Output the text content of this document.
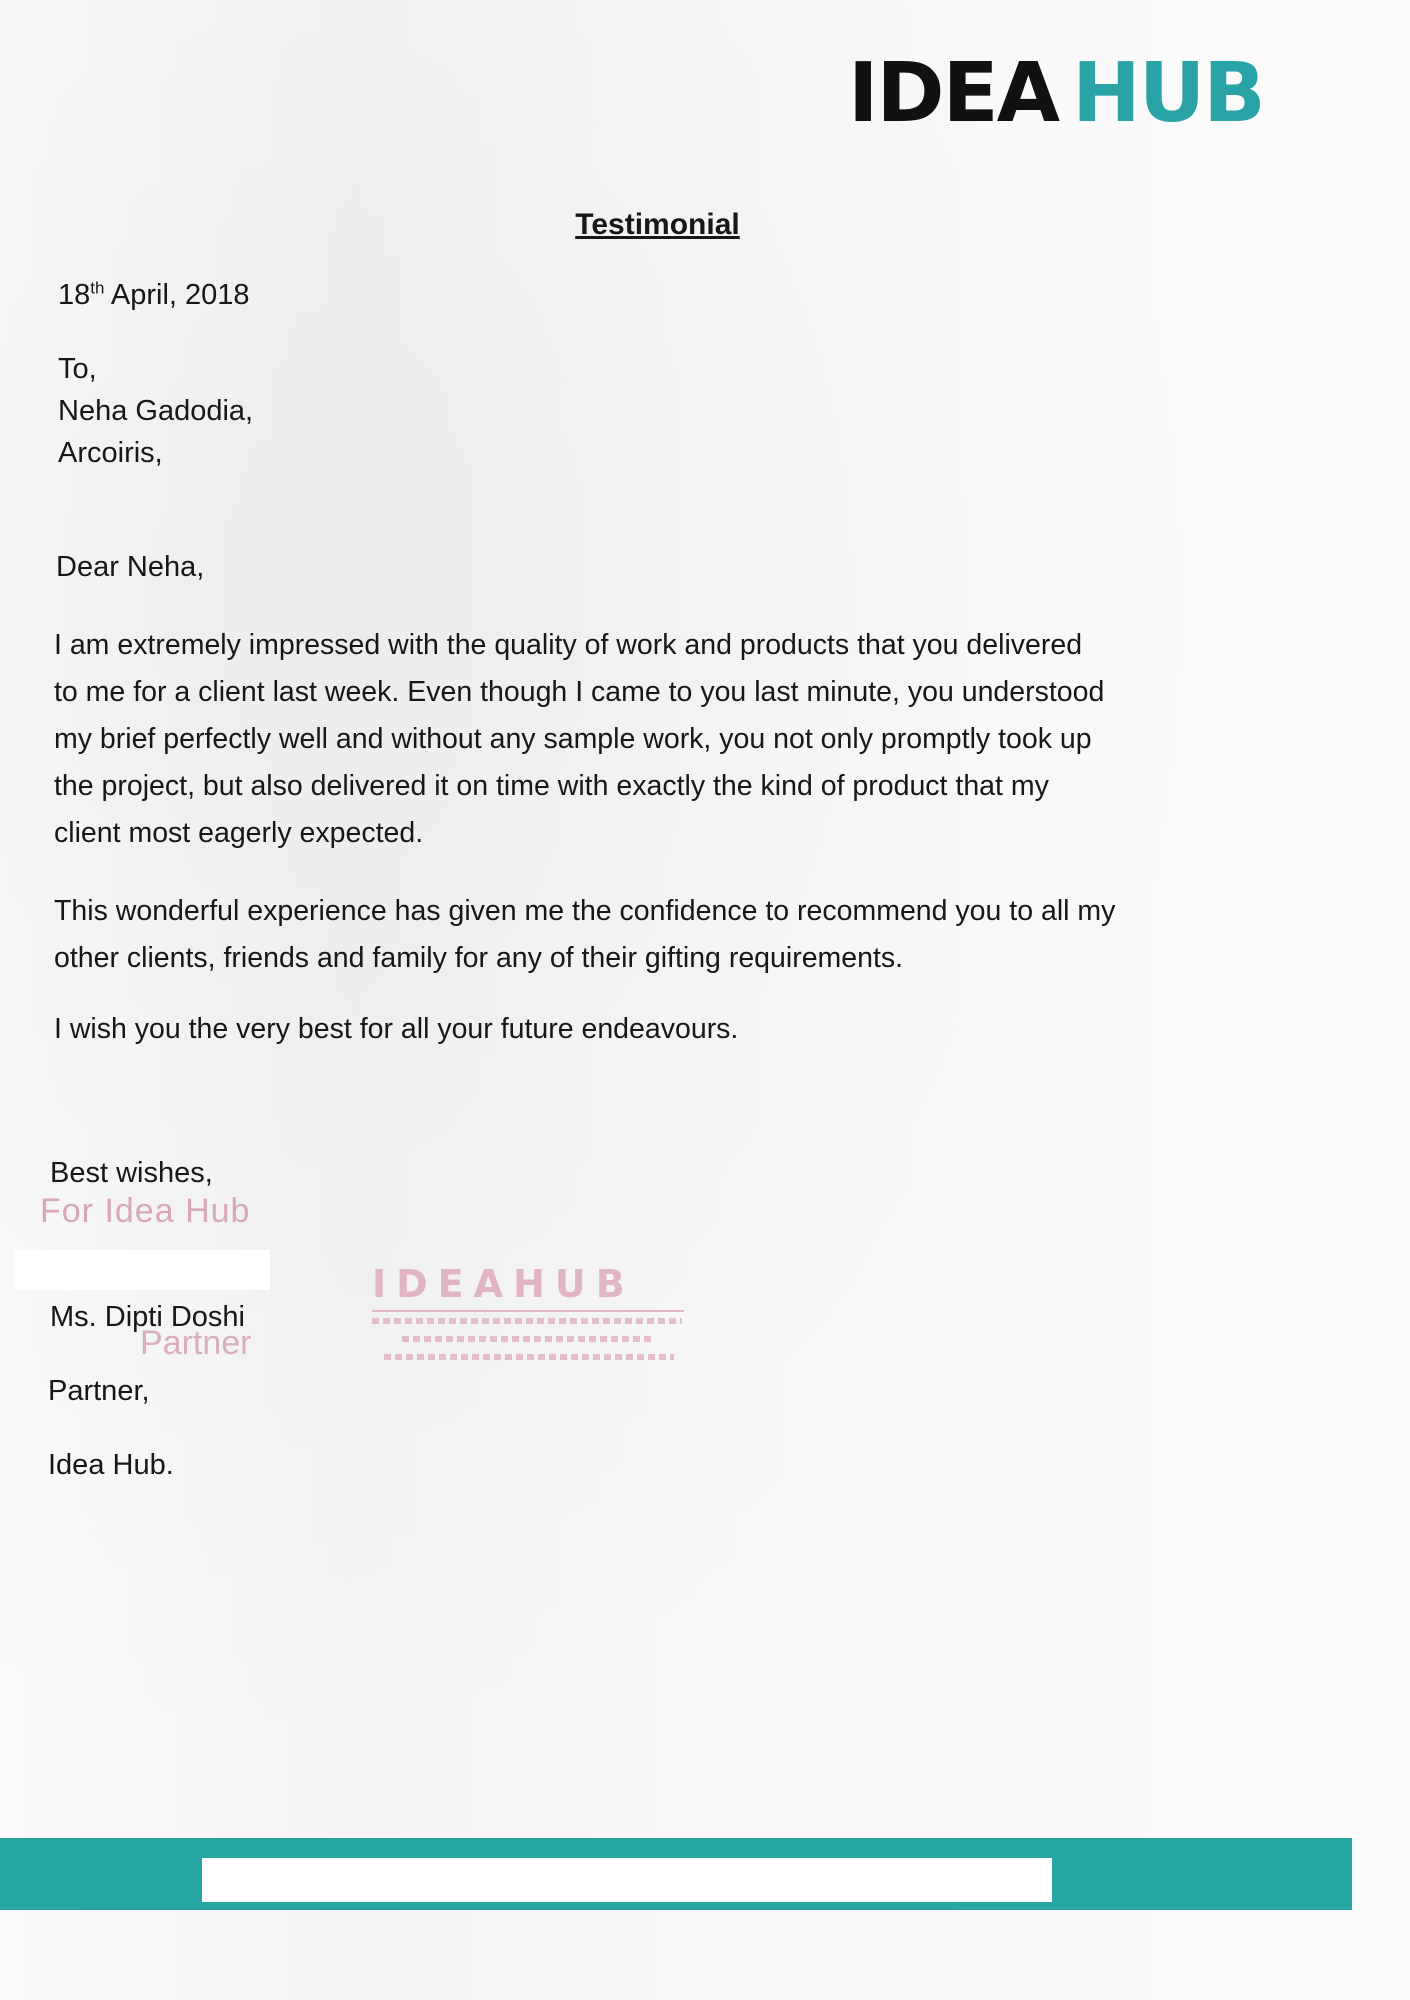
IDEA HUB
Testimonial
18th April, 2018
To,
Neha Gadodia,
Arcoiris,
Dear Neha,
I am extremely impressed with the quality of work and products that you delivered
to me for a client last week. Even though I came to you last minute, you understood
my brief perfectly well and without any sample work, you not only promptly took up
the project, but also delivered it on time with exactly the kind of product that my
client most eagerly expected.
This wonderful experience has given me the confidence to recommend you to all my
other clients, friends and family for any of their gifting requirements.
I wish you the very best for all your future endeavours.
Best wishes,
For Idea Hub
Ms. Dipti Doshi
Partner
Partner,
Idea Hub.
IDEAHUB
